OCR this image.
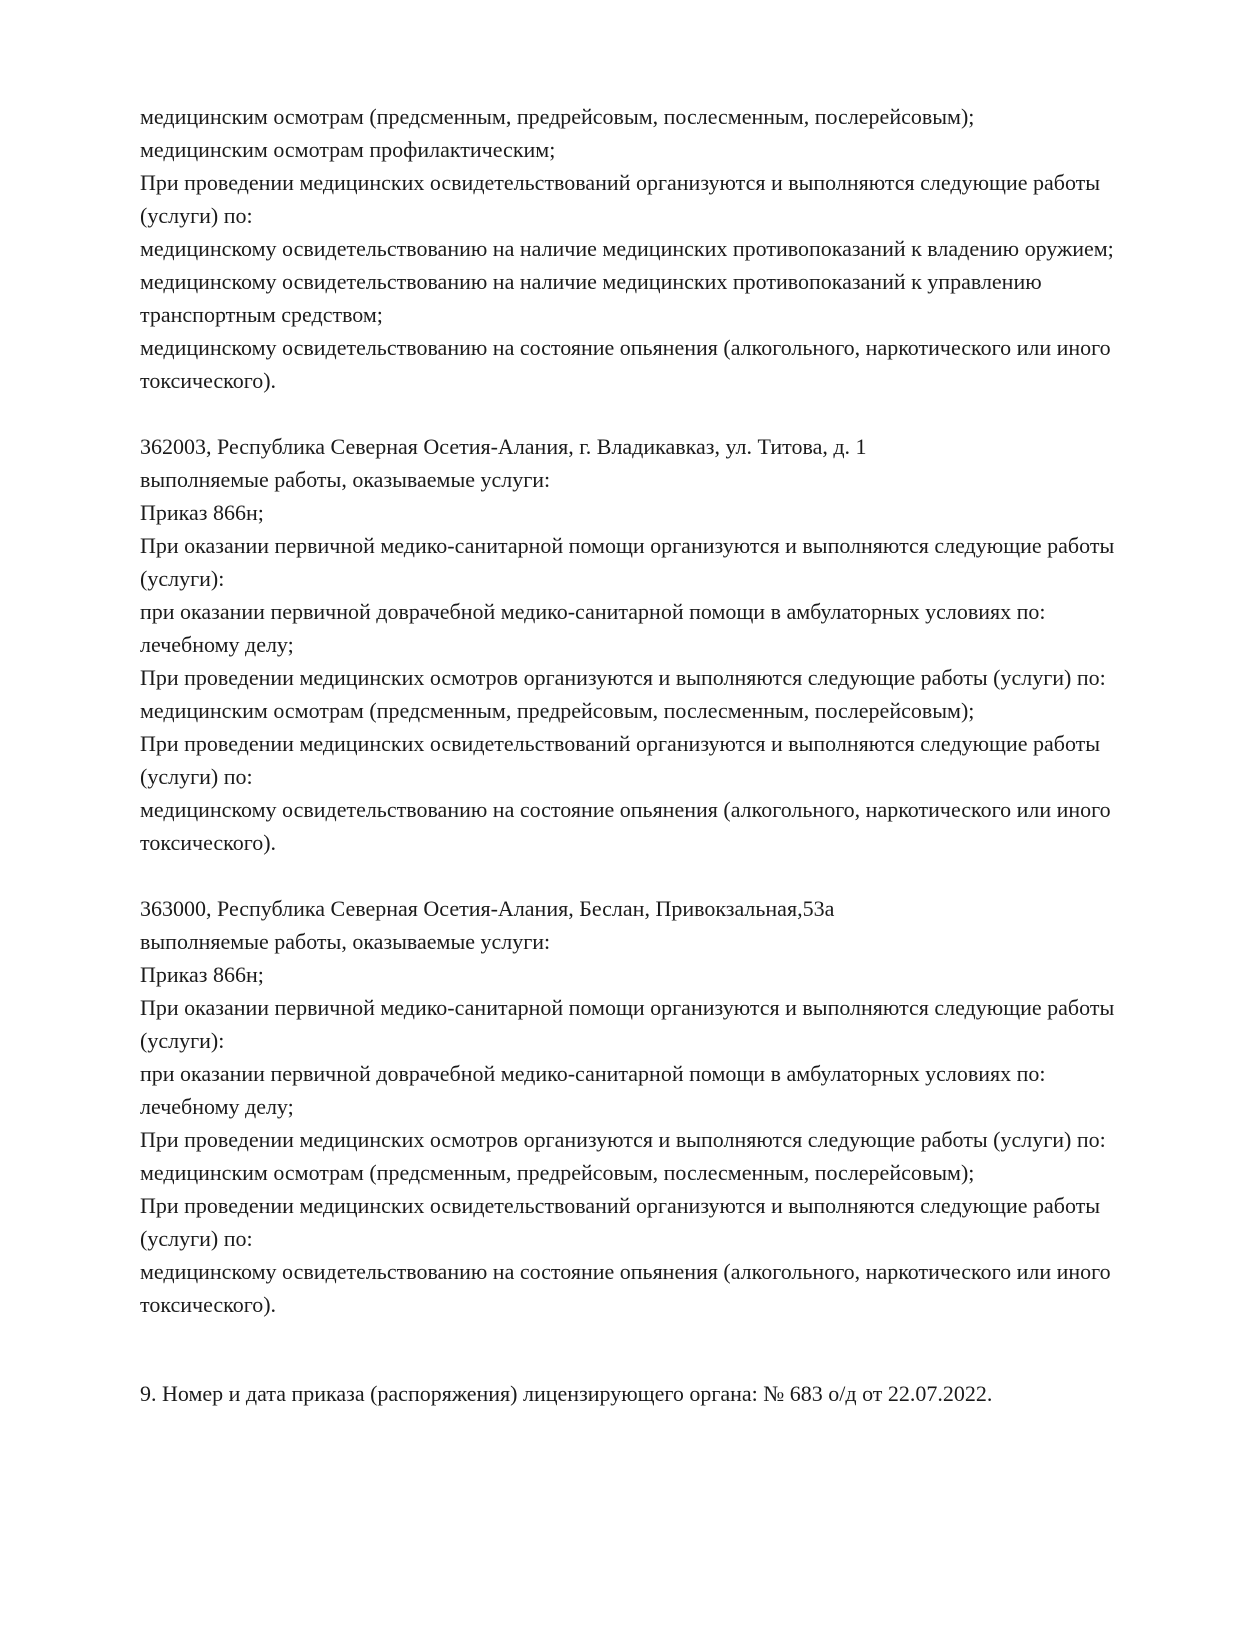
медицинским осмотрам (предсменным, предрейсовым, послесменным, послерейсовым);

медицинским осмотрам профилактическим;

При проведении медицинских освидетельствований организуются и выполняются следующие работы (услуги) по:

медицинскому освидетельствованию на наличие медицинских противопоказаний к владению оружием;

медицинскому освидетельствованию на наличие медицинских противопоказаний к управлению транспортным средством;

медицинскому освидетельствованию на состояние опьянения (алкогольного, наркотического или иного токсического).

362003, Республика Северная Осетия-Алания, г. Владикавказ, ул. Титова, д. 1

выполняемые работы, оказываемые услуги:

Приказ 866н;

При оказании первичной медико-санитарной помощи организуются и выполняются следующие работы (услуги):

при оказании первичной доврачебной медико-санитарной помощи в амбулаторных условиях по:

лечебному делу;

При проведении медицинских осмотров организуются и выполняются следующие работы (услуги) по:

медицинским осмотрам (предсменным, предрейсовым, послесменным, послерейсовым);

При проведении медицинских освидетельствований организуются и выполняются следующие работы (услуги) по:

медицинскому освидетельствованию на состояние опьянения (алкогольного, наркотического или иного токсического).

363000, Республика Северная Осетия-Алания, Беслан, Привокзальная,53а

выполняемые работы, оказываемые услуги:

Приказ 866н;

При оказании первичной медико-санитарной помощи организуются и выполняются следующие работы (услуги):

при оказании первичной доврачебной медико-санитарной помощи в амбулаторных условиях по:

лечебному делу;

При проведении медицинских осмотров организуются и выполняются следующие работы (услуги) по:

медицинским осмотрам (предсменным, предрейсовым, послесменным, послерейсовым);

При проведении медицинских освидетельствований организуются и выполняются следующие работы (услуги) по:

медицинскому освидетельствованию на состояние опьянения (алкогольного, наркотического или иного токсического).

9. Номер и дата приказа (распоряжения) лицензирующего органа: № 683 о/д от 22.07.2022.
